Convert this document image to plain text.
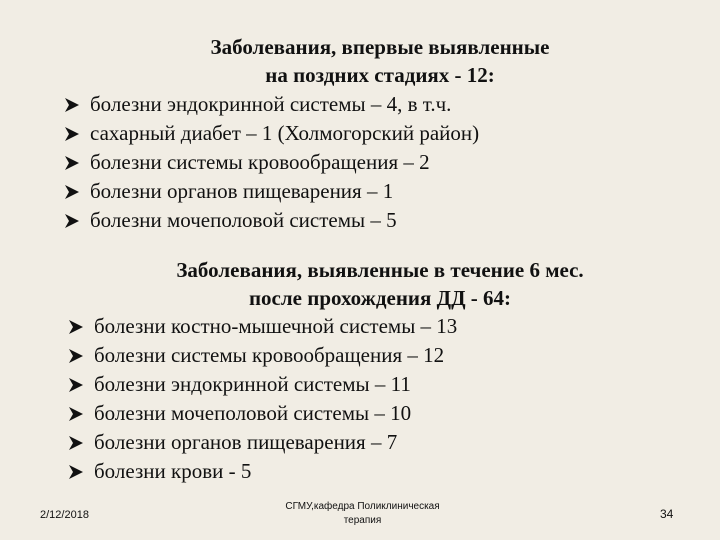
Заболевания, впервые выявленные
на поздних стадиях - 12:
болезни эндокринной системы – 4, в т.ч.
сахарный диабет – 1 (Холмогорский район)
болезни системы кровообращения – 2
болезни органов пищеварения – 1
болезни мочеполовой системы – 5
Заболевания, выявленные в течение 6 мес.
после прохождения ДД - 64:
болезни костно-мышечной системы – 13
болезни системы кровообращения – 12
болезни эндокринной системы – 11
болезни мочеполовой системы – 10
болезни органов пищеварения – 7
болезни крови - 5
2/12/2018
СГМУ,кафедра Поликлиническая
терапия	34
